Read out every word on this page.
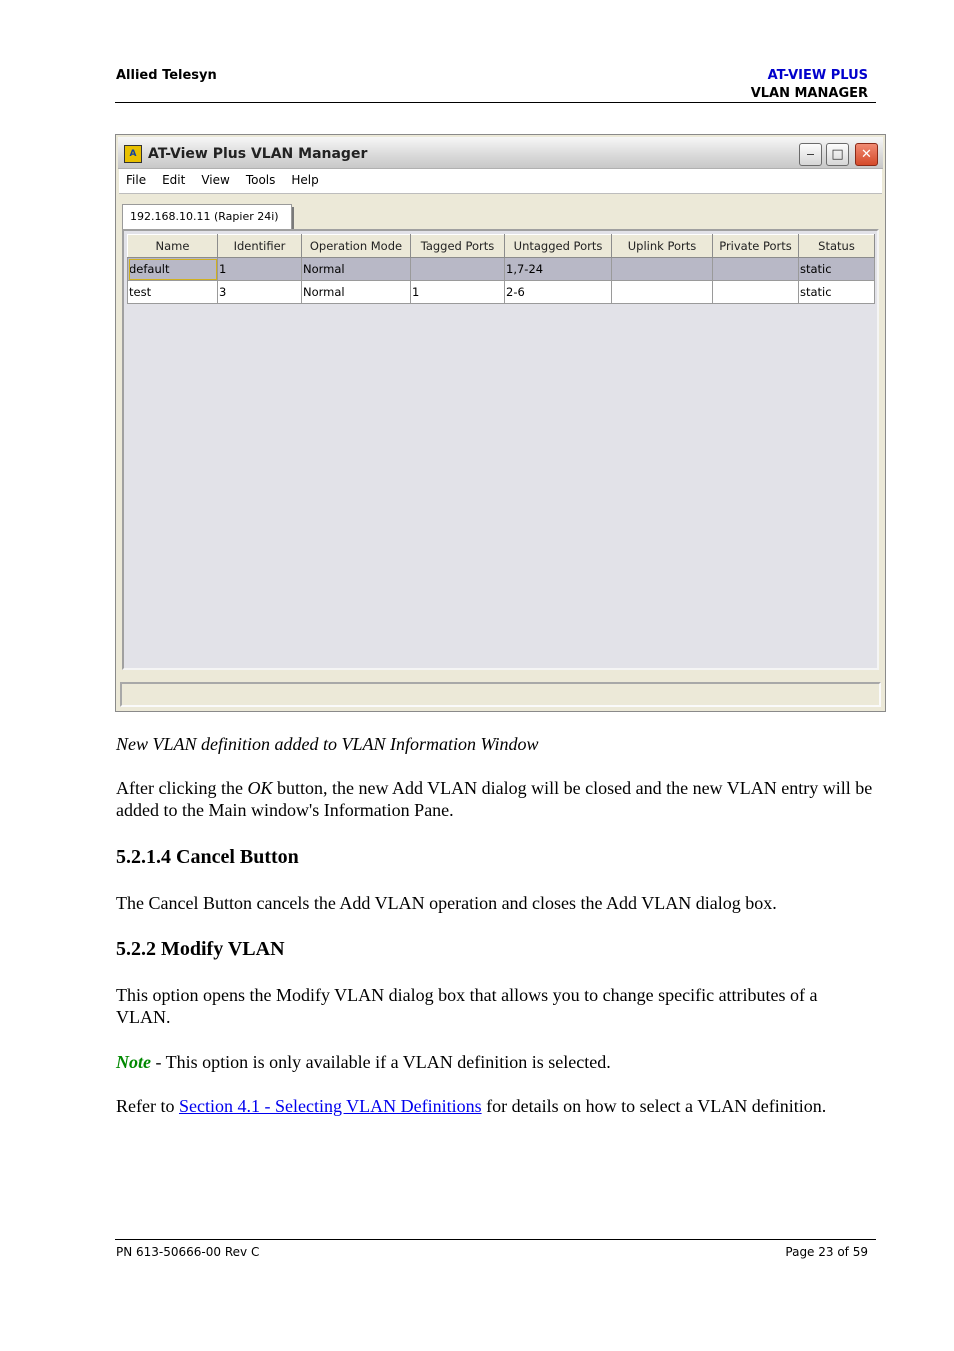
Allied Telesyn	AT-VIEW PLUS
VLAN MANAGER
A AT-View Plus VLAN Manager	‒	□	✕
File Edit View Tools Help
192.168.10.11 (Rapier 24i)
Name	Identifier	Operation Mode	Tagged Ports	Untagged Ports	Uplink Ports	Private Ports	Status
default	1	Normal		1,7-24			static
test	3	Normal	1	2-6			static
New VLAN definition added to VLAN Information Window
After clicking the OK button, the new Add VLAN dialog will be closed and the new VLAN entry will be added to the Main window's Information Pane.
5.2.1.4 Cancel Button
The Cancel Button cancels the Add VLAN operation and closes the Add VLAN dialog box.
5.2.2 Modify VLAN
This option opens the Modify VLAN dialog box that allows you to change specific attributes of a VLAN.
Note - This option is only available if a VLAN definition is selected.
Refer to Section 4.1 - Selecting VLAN Definitions for details on how to select a VLAN definition.
PN 613-50666-00 Rev C	Page 23 of 59
